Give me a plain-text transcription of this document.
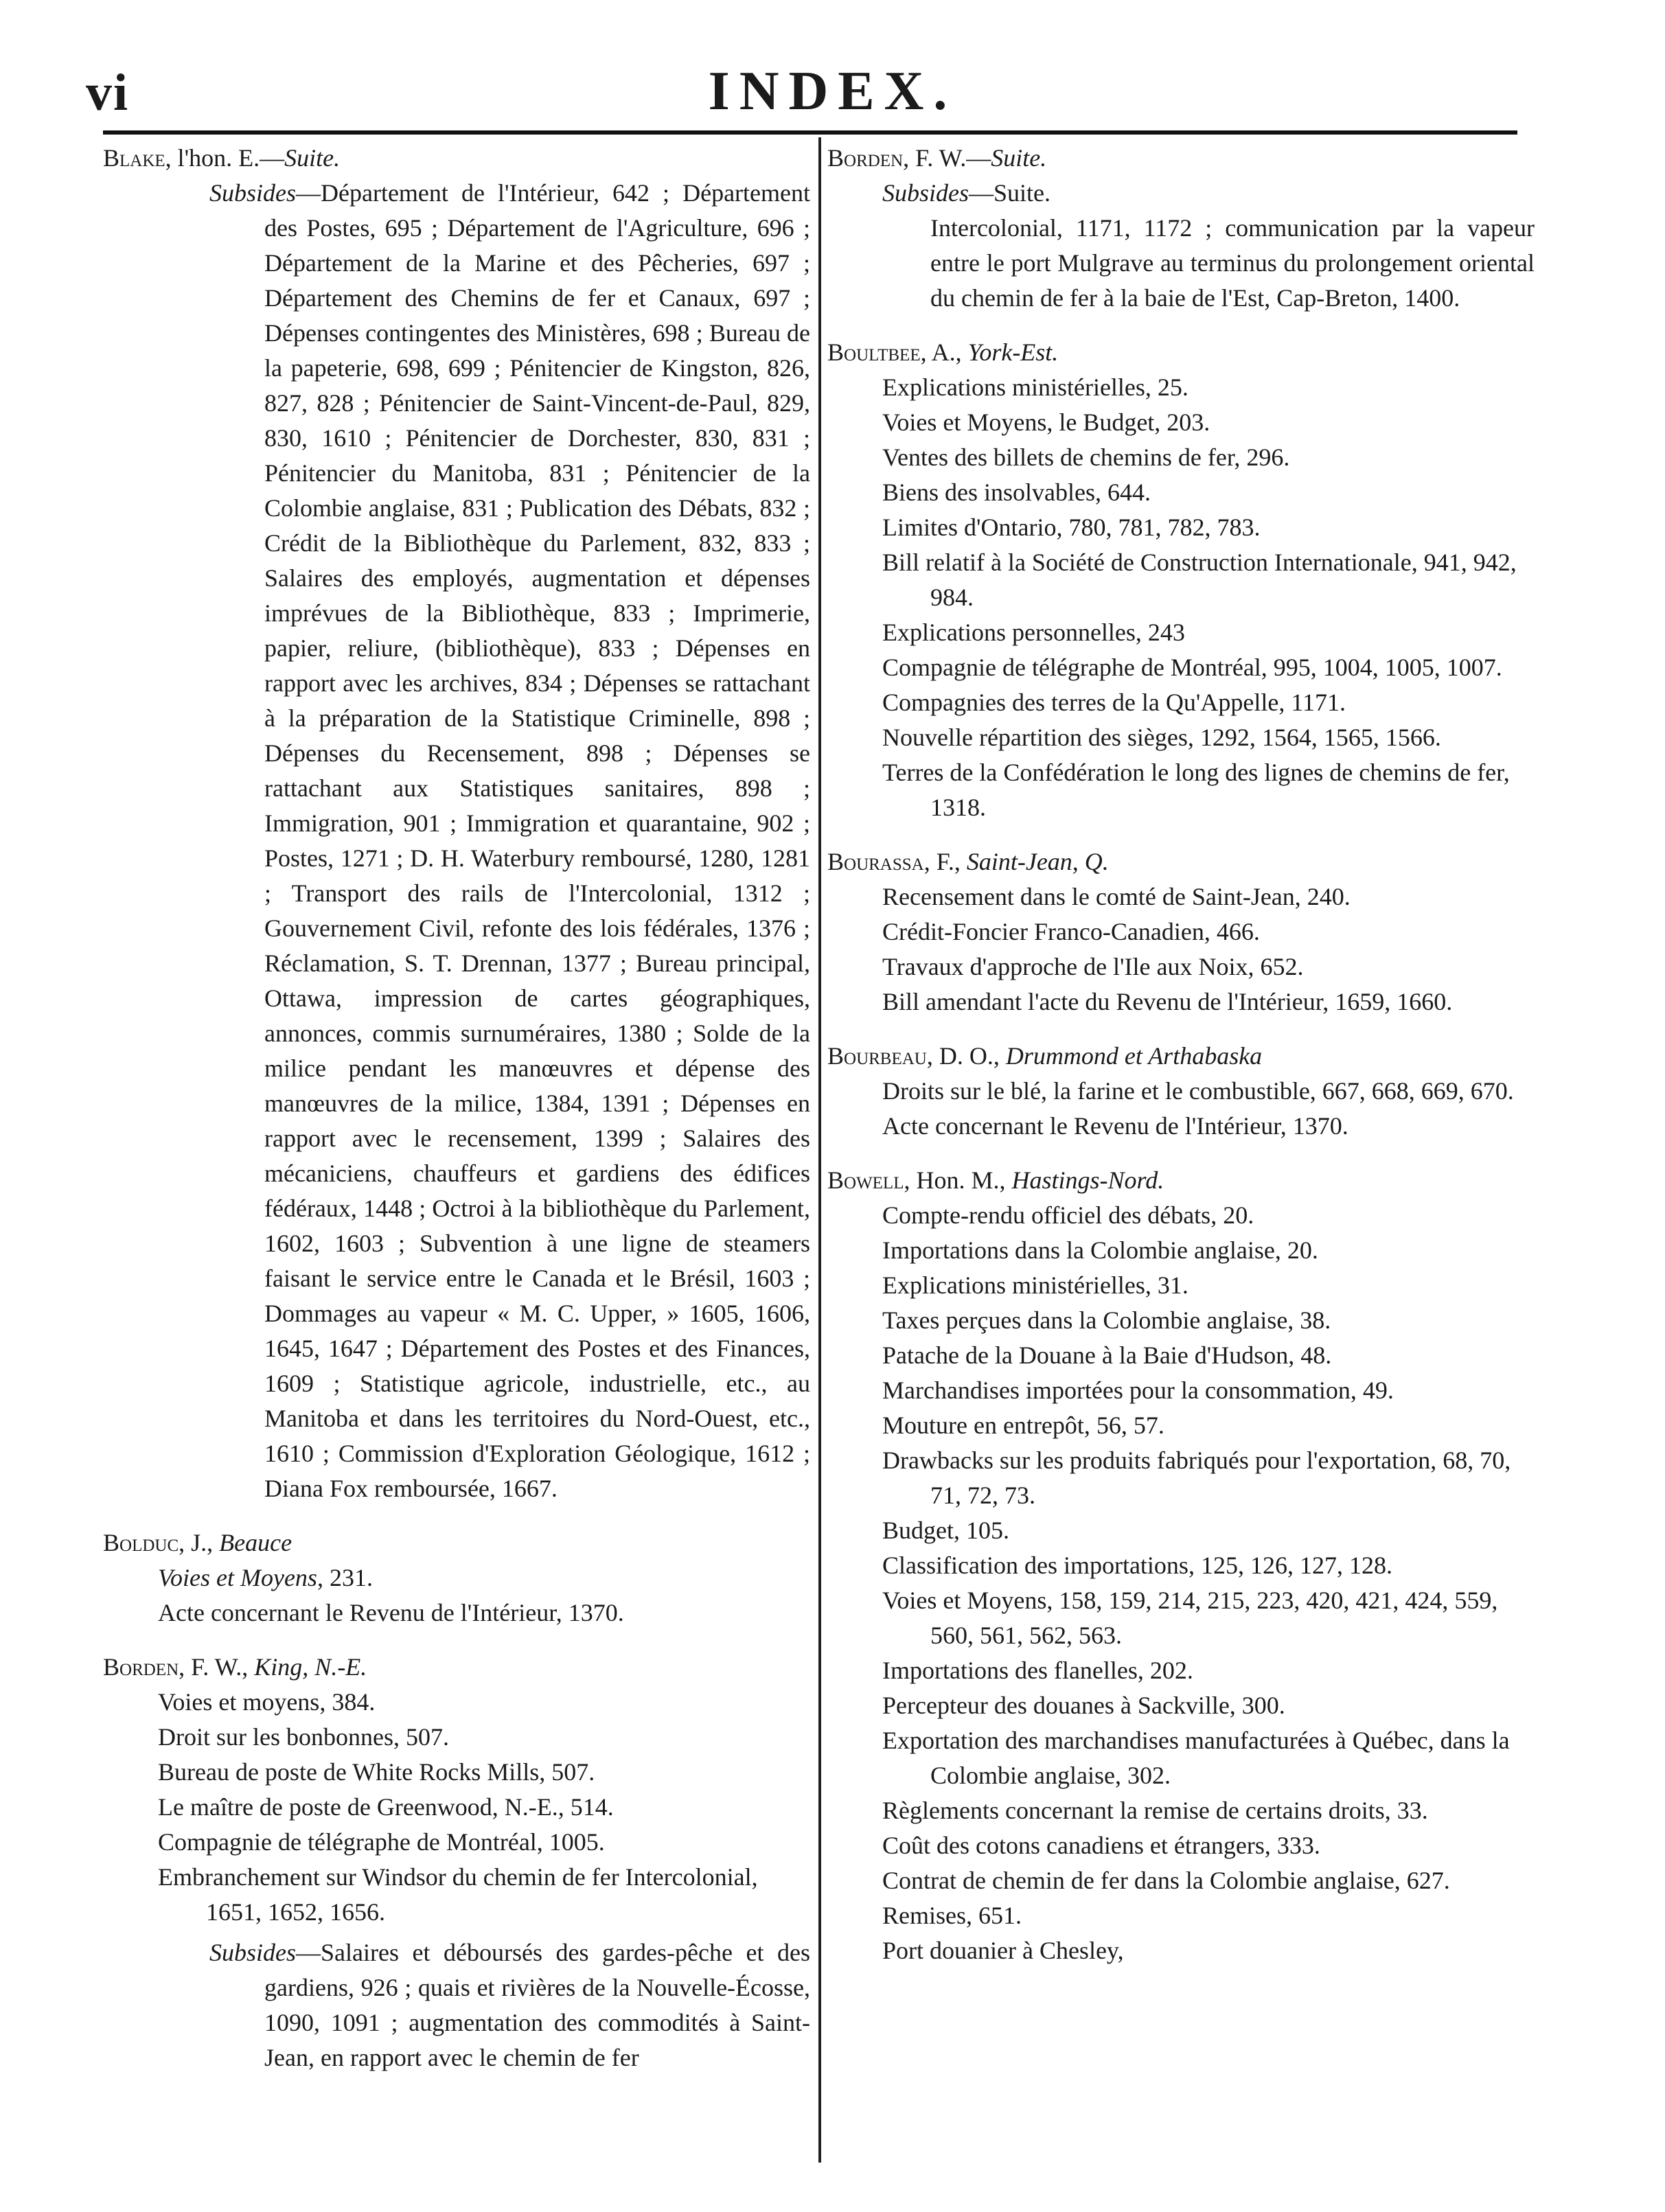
vi	INDEX.
Blake, l'hon. E.—Suite.
Subsides—Département de l'Intérieur, 642 ; Département des Postes, 695 ; Département de l'Agriculture, 696 ; Département de la Marine et des Pêcheries, 697 ; Département des Chemins de fer et Canaux, 697 ; Dépenses contingentes des Ministères, 698 ; Bureau de la papeterie, 698, 699 ; Pénitencier de Kingston, 826, 827, 828 ; Pénitencier de Saint-Vincent-de-Paul, 829, 830, 1610 ; Pénitencier de Dorchester, 830, 831 ; Pénitencier du Manitoba, 831 ; Pénitencier de la Colombie anglaise, 831 ; Publication des Débats, 832 ; Crédit de la Bibliothèque du Parlement, 832, 833 ; Salaires des employés, augmentation et dépenses imprévues de la Bibliothèque, 833 ; Imprimerie, papier, reliure, (bibliothèque), 833 ; Dépenses en rapport avec les archives, 834 ; Dépenses se rattachant à la préparation de la Statistique Criminelle, 898 ; Dépenses du Recensement, 898 ; Dépenses se rattachant aux Statistiques sanitaires, 898 ; Immigration, 901 ; Immigration et quarantaine, 902 ; Postes, 1271 ; D. H. Waterbury remboursé, 1280, 1281 ; Transport des rails de l'Intercolonial, 1312 ; Gouvernement Civil, refonte des lois fédérales, 1376 ; Réclamation, S. T. Drennan, 1377 ; Bureau principal, Ottawa, impression de cartes géographiques, annonces, commis surnuméraires, 1380 ; Solde de la milice pendant les manœuvres et dépense des manœuvres de la milice, 1384, 1391 ; Dépenses en rapport avec le recensement, 1399 ; Salaires des mécaniciens, chauffeurs et gardiens des édifices fédéraux, 1448 ; Octroi à la bibliothèque du Parlement, 1602, 1603 ; Subvention à une ligne de steamers faisant le service entre le Canada et le Brésil, 1603 ; Dommages au vapeur « M. C. Upper, » 1605, 1606, 1645, 1647 ; Département des Postes et des Finances, 1609 ; Statistique agricole, industrielle, etc., au Manitoba et dans les territoires du Nord-Ouest, etc., 1610 ; Commission d'Exploration Géologique, 1612 ; Diana Fox remboursée, 1667.
Bolduc, J., Beauce
Voies et Moyens, 231.
Acte concernant le Revenu de l'Intérieur, 1370.
Borden, F. W., King, N.-E.
Voies et moyens, 384.
Droit sur les bonbonnes, 507.
Bureau de poste de White Rocks Mills, 507.
Le maître de poste de Greenwood, N.-E., 514.
Compagnie de télégraphe de Montréal, 1005.
Embranchement sur Windsor du chemin de fer Intercolonial, 1651, 1652, 1656.
Subsides—Salaires et déboursés des gardes-pêche et des gardiens, 926 ; quais et rivières de la Nouvelle-Écosse, 1090, 1091 ; augmentation des commodités à Saint-Jean, en rapport avec le chemin de fer
Borden, F. W.—Suite.
Subsides—Suite.
Intercolonial, 1171, 1172 ; communication par la vapeur entre le port Mulgrave au terminus du prolongement oriental du chemin de fer à la baie de l'Est, Cap-Breton, 1400.
Boultbee, A., York-Est.
Explications ministérielles, 25.
Voies et Moyens, le Budget, 203.
Ventes des billets de chemins de fer, 296.
Biens des insolvables, 644.
Limites d'Ontario, 780, 781, 782, 783.
Bill relatif à la Société de Construction Internationale, 941, 942, 984.
Explications personnelles, 243
Compagnie de télégraphe de Montréal, 995, 1004, 1005, 1007.
Compagnies des terres de la Qu'Appelle, 1171.
Nouvelle répartition des sièges, 1292, 1564, 1565, 1566.
Terres de la Confédération le long des lignes de chemins de fer, 1318.
Bourassa, F., Saint-Jean, Q.
Recensement dans le comté de Saint-Jean, 240.
Crédit-Foncier Franco-Canadien, 466.
Travaux d'approche de l'Ile aux Noix, 652.
Bill amendant l'acte du Revenu de l'Intérieur, 1659, 1660.
Bourbeau, D. O., Drummond et Arthabaska
Droits sur le blé, la farine et le combustible, 667, 668, 669, 670.
Acte concernant le Revenu de l'Intérieur, 1370.
Bowell, Hon. M., Hastings-Nord.
Compte-rendu officiel des débats, 20.
Importations dans la Colombie anglaise, 20.
Explications ministérielles, 31.
Taxes perçues dans la Colombie anglaise, 38.
Patache de la Douane à la Baie d'Hudson, 48.
Marchandises importées pour la consommation, 49.
Mouture en entrepôt, 56, 57.
Drawbacks sur les produits fabriqués pour l'exportation, 68, 70, 71, 72, 73.
Budget, 105.
Classification des importations, 125, 126, 127, 128.
Voies et Moyens, 158, 159, 214, 215, 223, 420, 421, 424, 559, 560, 561, 562, 563.
Importations des flanelles, 202.
Percepteur des douanes à Sackville, 300.
Exportation des marchandises manufacturées à Québec, dans la Colombie anglaise, 302.
Règlements concernant la remise de certains droits, 33.
Coût des cotons canadiens et étrangers, 333.
Contrat de chemin de fer dans la Colombie anglaise, 627.
Remises, 651.
Port douanier à Chesley,
